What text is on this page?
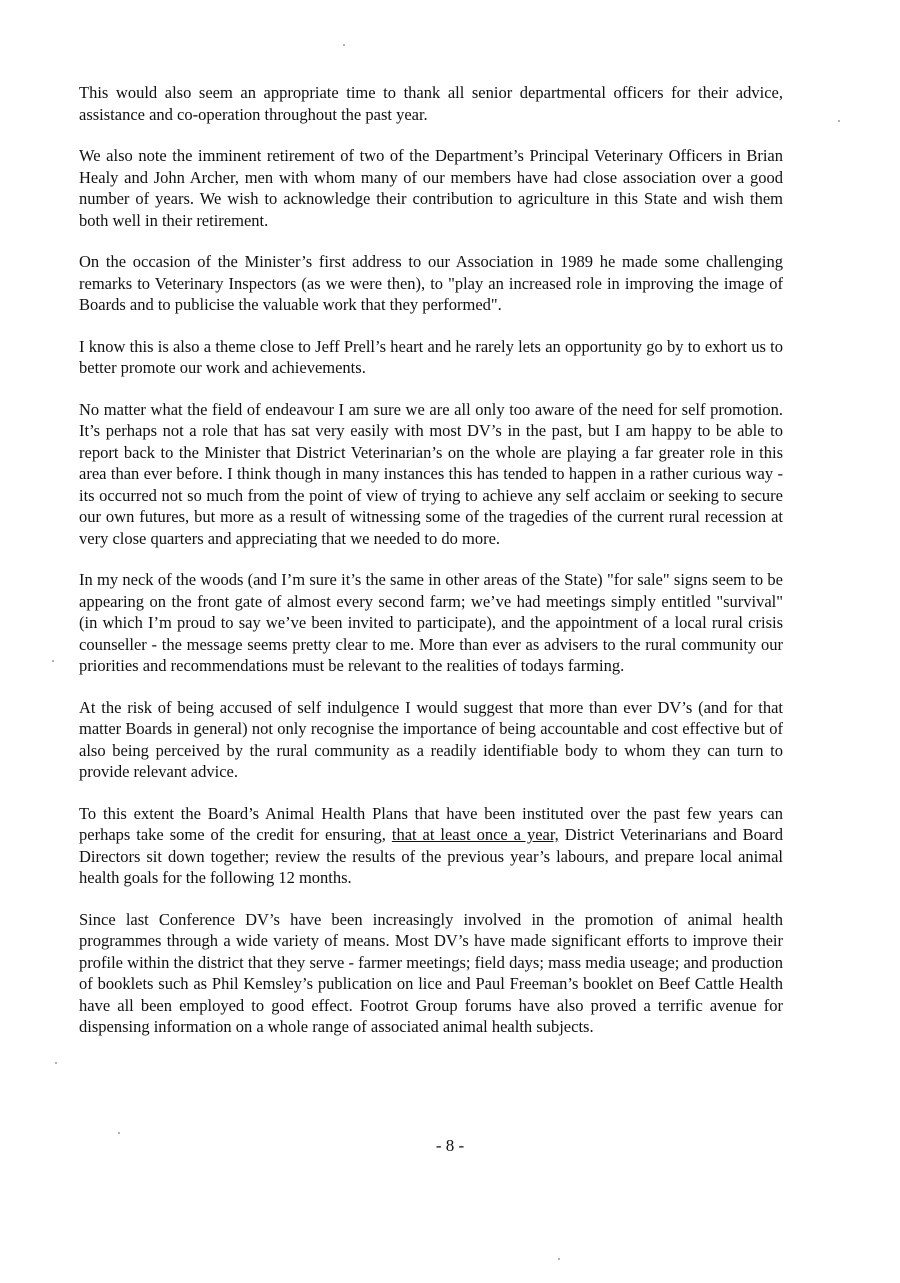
This would also seem an appropriate time to thank all senior departmental officers for their advice, assistance and co-operation throughout the past year.

We also note the imminent retirement of two of the Department’s Principal Veterinary Officers in Brian Healy and John Archer, men with whom many of our members have had close association over a good number of years. We wish to acknowledge their contribution to agriculture in this State and wish them both well in their retirement.

On the occasion of the Minister’s first address to our Association in 1989 he made some challenging remarks to Veterinary Inspectors (as we were then), to "play an increased role in improving the image of Boards and to publicise the valuable work that they performed".

I know this is also a theme close to Jeff Prell’s heart and he rarely lets an opportunity go by to exhort us to better promote our work and achievements.

No matter what the field of endeavour I am sure we are all only too aware of the need for self promotion. It’s perhaps not a role that has sat very easily with most DV’s in the past, but I am happy to be able to report back to the Minister that District Veterinarian’s on the whole are playing a far greater role in this area than ever before. I think though in many instances this has tended to happen in a rather curious way - its occurred not so much from the point of view of trying to achieve any self acclaim or seeking to secure our own futures, but more as a result of witnessing some of the tragedies of the current rural recession at very close quarters and appreciating that we needed to do more.

In my neck of the woods (and I’m sure it’s the same in other areas of the State) "for sale" signs seem to be appearing on the front gate of almost every second farm; we’ve had meetings simply entitled "survival" (in which I’m proud to say we’ve been invited to participate), and the appointment of a local rural crisis counseller - the message seems pretty clear to me. More than ever as advisers to the rural community our priorities and recommendations must be relevant to the realities of todays farming.

At the risk of being accused of self indulgence I would suggest that more than ever DV’s (and for that matter Boards in general) not only recognise the importance of being accountable and cost effective but of also being perceived by the rural community as a readily identifiable body to whom they can turn to provide relevant advice.

To this extent the Board’s Animal Health Plans that have been instituted over the past few years can perhaps take some of the credit for ensuring, that at least once a year, District Veterinarians and Board Directors sit down together; review the results of the previous year’s labours, and prepare local animal health goals for the following 12 months.

Since last Conference DV’s have been increasingly involved in the promotion of animal health programmes through a wide variety of means. Most DV’s have made significant efforts to improve their profile within the district that they serve - farmer meetings; field days; mass media useage; and production of booklets such as Phil Kemsley’s publication on lice and Paul Freeman’s booklet on Beef Cattle Health have all been employed to good effect. Footrot Group forums have also proved a terrific avenue for dispensing information on a whole range of associated animal health subjects.

- 8 -
